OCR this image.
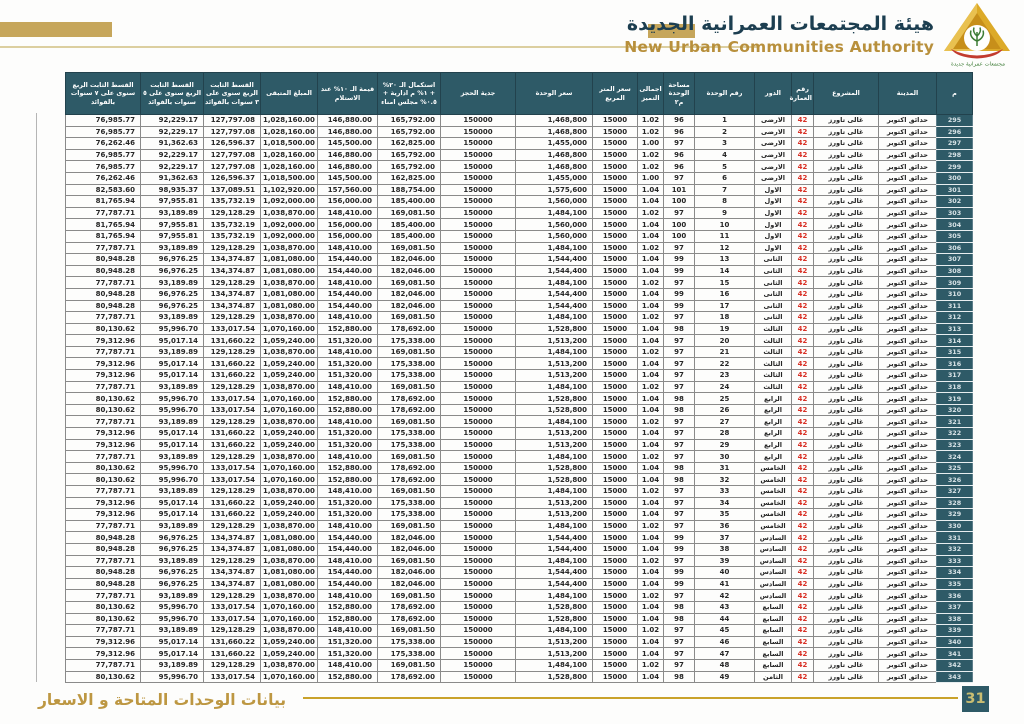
هيئة المجتمعات العمرانية الجديدة
New Urban Communities Authority
مجتمعات عمرانية جديدة
م	المدينة	المشروع	رقم العمارة	الدور	رقم الوحدة	مساحة الوحدة م٢	اجمالى التميز	سعر المتر المربع	سعر الوحدة	جدية الحجز	استكمال الـ ٢٠% + ١% م ادارية + ٠.٥% مجلس امناء	قيمة الـ ١٠% عند الاستلام	المبلغ المتبقى	القسط الثابت الربع سنوى على ٣ سنوات بالفوائد	القسط الثابت الربع سنوى على ٥ سنوات بالفوائد	القسط الثابت الربع سنوى على ٧ سنوات بالفوائد
295	حدائق اكتوبر	غالى تاورز	42	الارضى	1	96	1.02	15000	1,468,800	150000	165,792.00	146,880.00	1,028,160.00	127,797.08	92,229.17	76,985.77
296	حدائق اكتوبر	غالى تاورز	42	الارضى	2	96	1.02	15000	1,468,800	150000	165,792.00	146,880.00	1,028,160.00	127,797.08	92,229.17	76,985.77
297	حدائق اكتوبر	غالى تاورز	42	الارضى	3	97	1.00	15000	1,455,000	150000	162,825.00	145,500.00	1,018,500.00	126,596.37	91,362.63	76,262.46
298	حدائق اكتوبر	غالى تاورز	42	الارضى	4	96	1.02	15000	1,468,800	150000	165,792.00	146,880.00	1,028,160.00	127,797.08	92,229.17	76,985.77
299	حدائق اكتوبر	غالى تاورز	42	الارضى	5	96	1.02	15000	1,468,800	150000	165,792.00	146,880.00	1,028,160.00	127,797.08	92,229.17	76,985.77
300	حدائق اكتوبر	غالى تاورز	42	الارضى	6	97	1.00	15000	1,455,000	150000	162,825.00	145,500.00	1,018,500.00	126,596.37	91,362.63	76,262.46
301	حدائق اكتوبر	غالى تاورز	42	الاول	7	101	1.04	15000	1,575,600	150000	188,754.00	157,560.00	1,102,920.00	137,089.51	98,935.37	82,583.60
302	حدائق اكتوبر	غالى تاورز	42	الاول	8	100	1.04	15000	1,560,000	150000	185,400.00	156,000.00	1,092,000.00	135,732.19	97,955.81	81,765.94
303	حدائق اكتوبر	غالى تاورز	42	الاول	9	97	1.02	15000	1,484,100	150000	169,081.50	148,410.00	1,038,870.00	129,128.29	93,189.89	77,787.71
304	حدائق اكتوبر	غالى تاورز	42	الاول	10	100	1.04	15000	1,560,000	150000	185,400.00	156,000.00	1,092,000.00	135,732.19	97,955.81	81,765.94
305	حدائق اكتوبر	غالى تاورز	42	الاول	11	100	1.04	15000	1,560,000	150000	185,400.00	156,000.00	1,092,000.00	135,732.19	97,955.81	81,765.94
306	حدائق اكتوبر	غالى تاورز	42	الاول	12	97	1.02	15000	1,484,100	150000	169,081.50	148,410.00	1,038,870.00	129,128.29	93,189.89	77,787.71
307	حدائق اكتوبر	غالى تاورز	42	الثانى	13	99	1.04	15000	1,544,400	150000	182,046.00	154,440.00	1,081,080.00	134,374.87	96,976.25	80,948.28
308	حدائق اكتوبر	غالى تاورز	42	الثانى	14	99	1.04	15000	1,544,400	150000	182,046.00	154,440.00	1,081,080.00	134,374.87	96,976.25	80,948.28
309	حدائق اكتوبر	غالى تاورز	42	الثانى	15	97	1.02	15000	1,484,100	150000	169,081.50	148,410.00	1,038,870.00	129,128.29	93,189.89	77,787.71
310	حدائق اكتوبر	غالى تاورز	42	الثانى	16	99	1.04	15000	1,544,400	150000	182,046.00	154,440.00	1,081,080.00	134,374.87	96,976.25	80,948.28
311	حدائق اكتوبر	غالى تاورز	42	الثانى	17	99	1.04	15000	1,544,400	150000	182,046.00	154,440.00	1,081,080.00	134,374.87	96,976.25	80,948.28
312	حدائق اكتوبر	غالى تاورز	42	الثانى	18	97	1.02	15000	1,484,100	150000	169,081.50	148,410.00	1,038,870.00	129,128.29	93,189.89	77,787.71
313	حدائق اكتوبر	غالى تاورز	42	الثالث	19	98	1.04	15000	1,528,800	150000	178,692.00	152,880.00	1,070,160.00	133,017.54	95,996.70	80,130.62
314	حدائق اكتوبر	غالى تاورز	42	الثالث	20	97	1.04	15000	1,513,200	150000	175,338.00	151,320.00	1,059,240.00	131,660.22	95,017.14	79,312.96
315	حدائق اكتوبر	غالى تاورز	42	الثالث	21	97	1.02	15000	1,484,100	150000	169,081.50	148,410.00	1,038,870.00	129,128.29	93,189.89	77,787.71
316	حدائق اكتوبر	غالى تاورز	42	الثالث	22	97	1.04	15000	1,513,200	150000	175,338.00	151,320.00	1,059,240.00	131,660.22	95,017.14	79,312.96
317	حدائق اكتوبر	غالى تاورز	42	الثالث	23	97	1.04	15000	1,513,200	150000	175,338.00	151,320.00	1,059,240.00	131,660.22	95,017.14	79,312.96
318	حدائق اكتوبر	غالى تاورز	42	الثالث	24	97	1.02	15000	1,484,100	150000	169,081.50	148,410.00	1,038,870.00	129,128.29	93,189.89	77,787.71
319	حدائق اكتوبر	غالى تاورز	42	الرابع	25	98	1.04	15000	1,528,800	150000	178,692.00	152,880.00	1,070,160.00	133,017.54	95,996.70	80,130.62
320	حدائق اكتوبر	غالى تاورز	42	الرابع	26	98	1.04	15000	1,528,800	150000	178,692.00	152,880.00	1,070,160.00	133,017.54	95,996.70	80,130.62
321	حدائق اكتوبر	غالى تاورز	42	الرابع	27	97	1.02	15000	1,484,100	150000	169,081.50	148,410.00	1,038,870.00	129,128.29	93,189.89	77,787.71
322	حدائق اكتوبر	غالى تاورز	42	الرابع	28	97	1.04	15000	1,513,200	150000	175,338.00	151,320.00	1,059,240.00	131,660.22	95,017.14	79,312.96
323	حدائق اكتوبر	غالى تاورز	42	الرابع	29	97	1.04	15000	1,513,200	150000	175,338.00	151,320.00	1,059,240.00	131,660.22	95,017.14	79,312.96
324	حدائق اكتوبر	غالى تاورز	42	الرابع	30	97	1.02	15000	1,484,100	150000	169,081.50	148,410.00	1,038,870.00	129,128.29	93,189.89	77,787.71
325	حدائق اكتوبر	غالى تاورز	42	الخامس	31	98	1.04	15000	1,528,800	150000	178,692.00	152,880.00	1,070,160.00	133,017.54	95,996.70	80,130.62
326	حدائق اكتوبر	غالى تاورز	42	الخامس	32	98	1.04	15000	1,528,800	150000	178,692.00	152,880.00	1,070,160.00	133,017.54	95,996.70	80,130.62
327	حدائق اكتوبر	غالى تاورز	42	الخامس	33	97	1.02	15000	1,484,100	150000	169,081.50	148,410.00	1,038,870.00	129,128.29	93,189.89	77,787.71
328	حدائق اكتوبر	غالى تاورز	42	الخامس	34	97	1.04	15000	1,513,200	150000	175,338.00	151,320.00	1,059,240.00	131,660.22	95,017.14	79,312.96
329	حدائق اكتوبر	غالى تاورز	42	الخامس	35	97	1.04	15000	1,513,200	150000	175,338.00	151,320.00	1,059,240.00	131,660.22	95,017.14	79,312.96
330	حدائق اكتوبر	غالى تاورز	42	الخامس	36	97	1.02	15000	1,484,100	150000	169,081.50	148,410.00	1,038,870.00	129,128.29	93,189.89	77,787.71
331	حدائق اكتوبر	غالى تاورز	42	السادس	37	99	1.04	15000	1,544,400	150000	182,046.00	154,440.00	1,081,080.00	134,374.87	96,976.25	80,948.28
332	حدائق اكتوبر	غالى تاورز	42	السادس	38	99	1.04	15000	1,544,400	150000	182,046.00	154,440.00	1,081,080.00	134,374.87	96,976.25	80,948.28
333	حدائق اكتوبر	غالى تاورز	42	السادس	39	97	1.02	15000	1,484,100	150000	169,081.50	148,410.00	1,038,870.00	129,128.29	93,189.89	77,787.71
334	حدائق اكتوبر	غالى تاورز	42	السادس	40	99	1.04	15000	1,544,400	150000	182,046.00	154,440.00	1,081,080.00	134,374.87	96,976.25	80,948.28
335	حدائق اكتوبر	غالى تاورز	42	السادس	41	99	1.04	15000	1,544,400	150000	182,046.00	154,440.00	1,081,080.00	134,374.87	96,976.25	80,948.28
336	حدائق اكتوبر	غالى تاورز	42	السادس	42	97	1.02	15000	1,484,100	150000	169,081.50	148,410.00	1,038,870.00	129,128.29	93,189.89	77,787.71
337	حدائق اكتوبر	غالى تاورز	42	السابع	43	98	1.04	15000	1,528,800	150000	178,692.00	152,880.00	1,070,160.00	133,017.54	95,996.70	80,130.62
338	حدائق اكتوبر	غالى تاورز	42	السابع	44	98	1.04	15000	1,528,800	150000	178,692.00	152,880.00	1,070,160.00	133,017.54	95,996.70	80,130.62
339	حدائق اكتوبر	غالى تاورز	42	السابع	45	97	1.02	15000	1,484,100	150000	169,081.50	148,410.00	1,038,870.00	129,128.29	93,189.89	77,787.71
340	حدائق اكتوبر	غالى تاورز	42	السابع	46	97	1.04	15000	1,513,200	150000	175,338.00	151,320.00	1,059,240.00	131,660.22	95,017.14	79,312.96
341	حدائق اكتوبر	غالى تاورز	42	السابع	47	97	1.04	15000	1,513,200	150000	175,338.00	151,320.00	1,059,240.00	131,660.22	95,017.14	79,312.96
342	حدائق اكتوبر	غالى تاورز	42	السابع	48	97	1.02	15000	1,484,100	150000	169,081.50	148,410.00	1,038,870.00	129,128.29	93,189.89	77,787.71
343	حدائق اكتوبر	غالى تاورز	42	الثامن	49	98	1.04	15000	1,528,800	150000	178,692.00	152,880.00	1,070,160.00	133,017.54	95,996.70	80,130.62
بيانات الوحدات المتاحة و الاسعار	31
